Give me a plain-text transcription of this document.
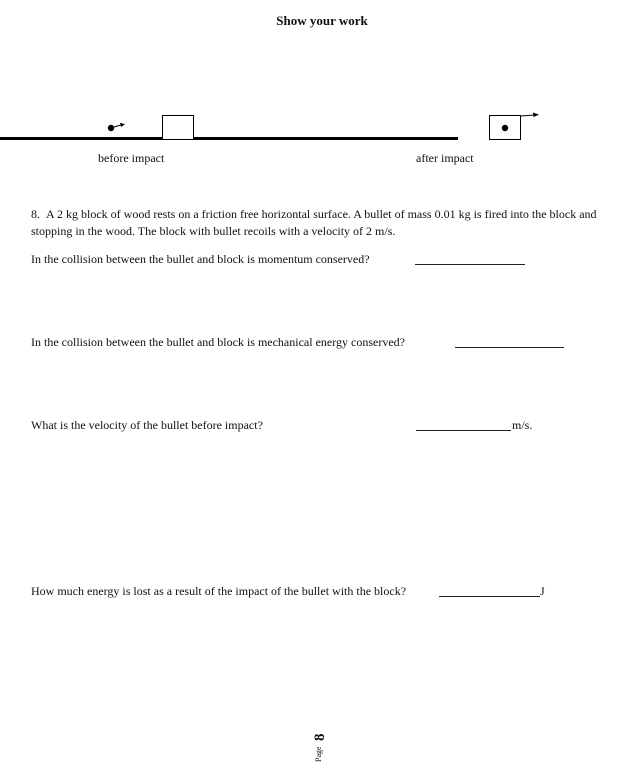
Show your work
before impact	after impact
8. A 2 kg block of wood rests on a friction free horizontal surface. A bullet of mass 0.01 kg is fired into the block and stopping in the wood. The block with bullet recoils with a velocity of 2 m/s.
In the collision between the bullet and block is momentum conserved?
In the collision between the bullet and block is mechanical energy conserved?
What is the velocity of the bullet before impact?	m/s.
How much energy is lost as a result of the impact of the bullet with the block?	J
Page
8
